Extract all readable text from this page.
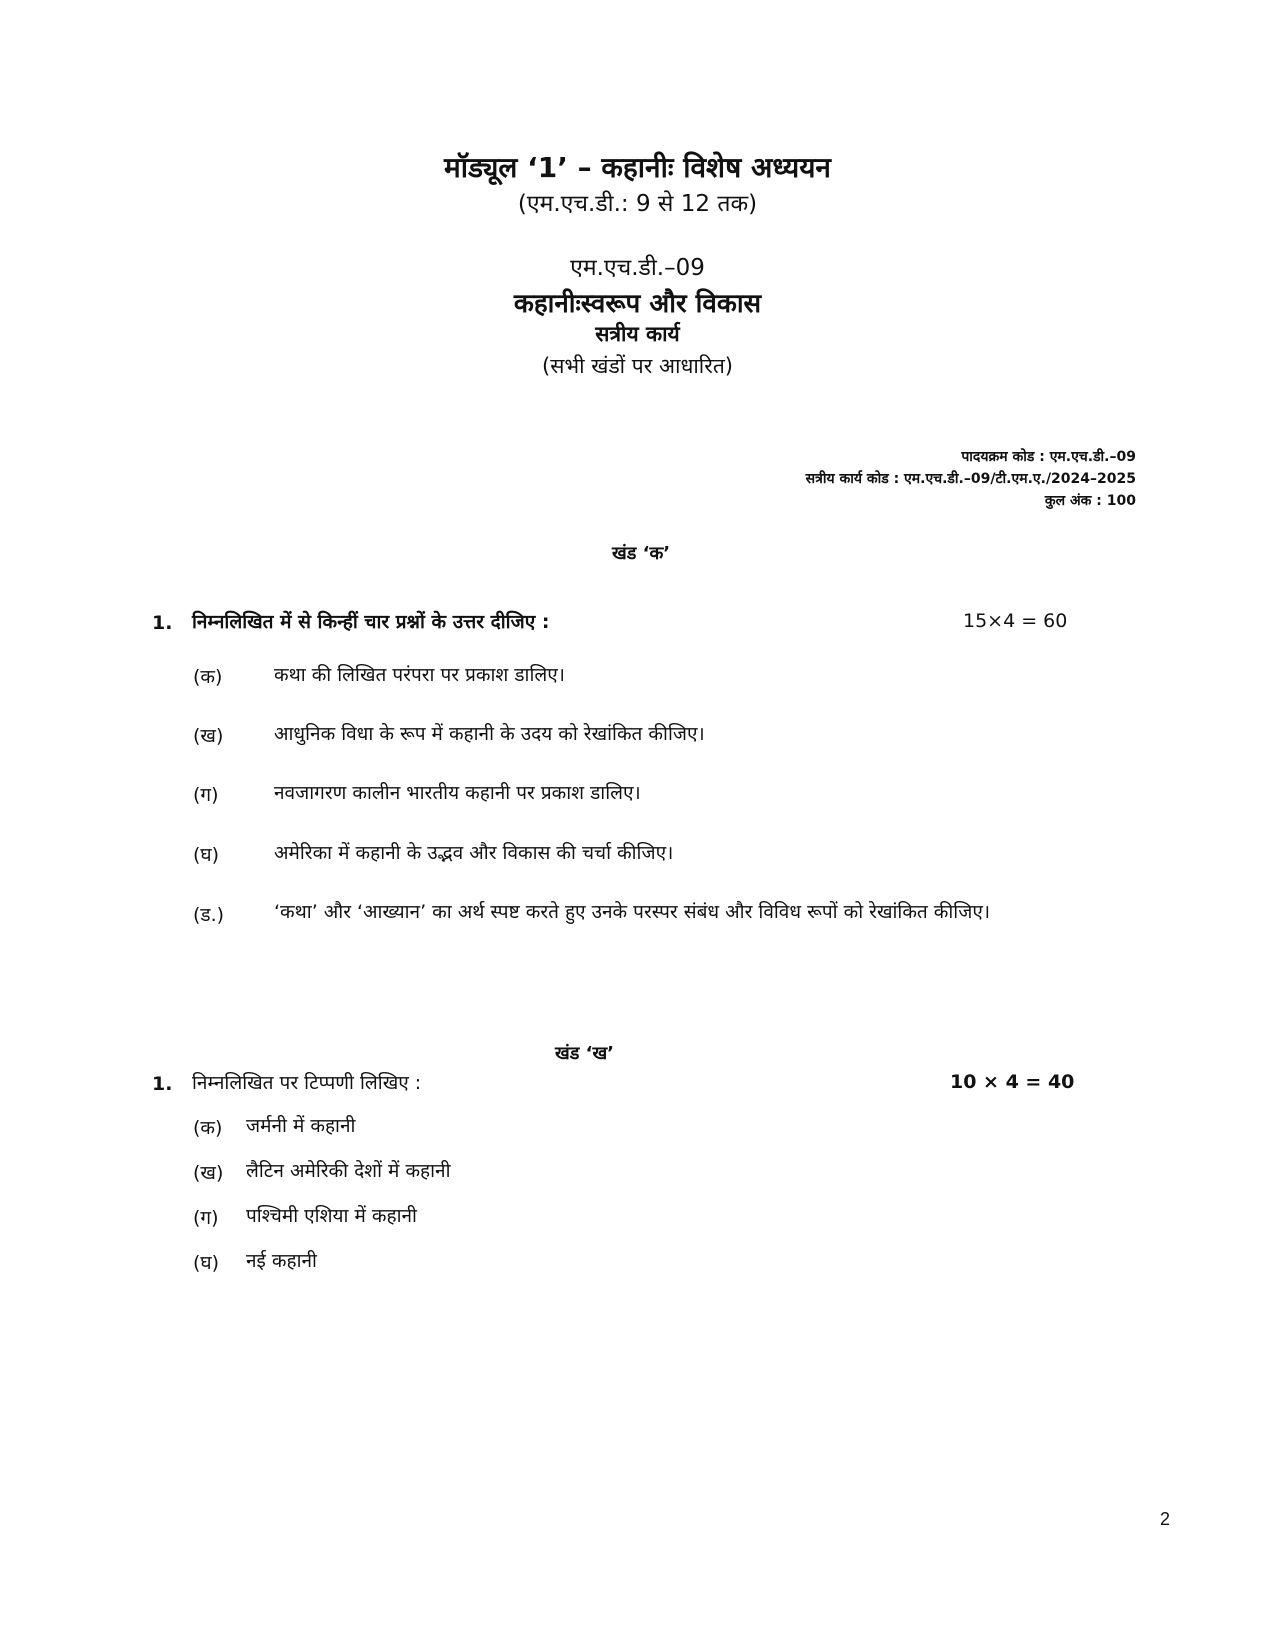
मॉड्यूल ‘1’ – कहानीः विशेष अध्ययन
(एम.एच.डी.: 9 से 12 तक)
एम.एच.डी.–09
कहानीःस्वरूप और विकास
सत्रीय कार्य
(सभी खंडों पर आधारित)
पादयक्रम कोड : एम.एच.डी.–09
सत्रीय कार्य कोड : एम.एच.डी.–09/टी.एम.ए./2024–2025
कुल अंक : 100
खंड ‘क’
1. निम्नलिखित में से किन्हीं चार प्रश्नों के उत्तर दीजिए :	15×4 = 60
(क)	कथा की लिखित परंपरा पर प्रकाश डालिए।
(ख)	आधुनिक विधा के रूप में कहानी के उदय को रेखांकित कीजिए।
(ग)	नवजागरण कालीन भारतीय कहानी पर प्रकाश डालिए।
(घ)	अमेरिका में कहानी के उद्भव और विकास की चर्चा कीजिए।
(ड.)	‘कथा’ और ‘आख्यान’ का अर्थ स्पष्ट करते हुए उनके परस्पर संबंध और विविध रूपों को रेखांकित कीजिए।
खंड ‘ख’
1. निम्नलिखित पर टिप्पणी लिखिए :	10 × 4 = 40
(क) जर्मनी में कहानी
(ख) लैटिन अमेरिकी देशों में कहानी
(ग) पश्चिमी एशिया में कहानी
(घ) नई कहानी
2
